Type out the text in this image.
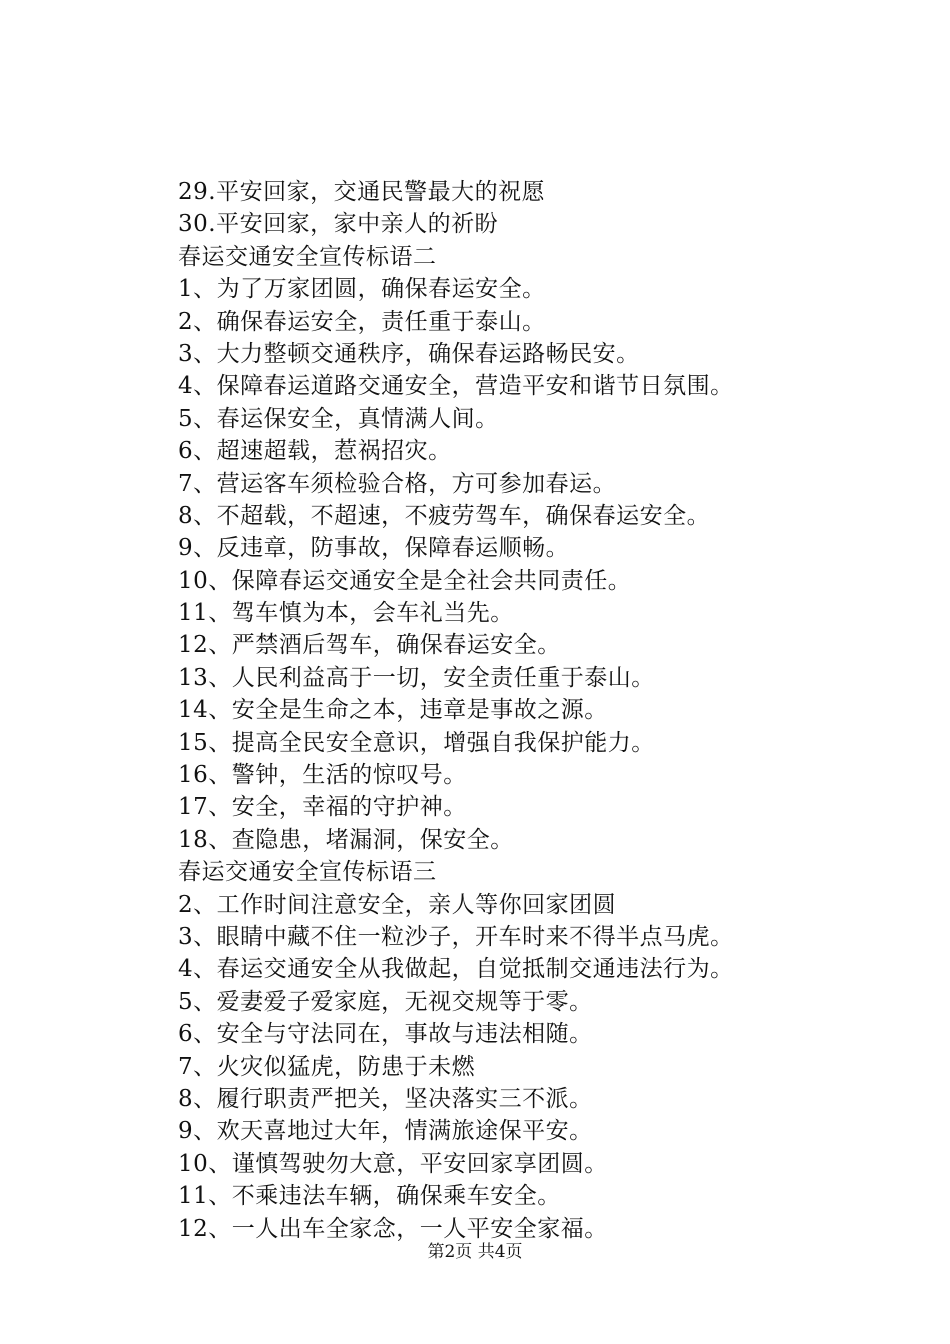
29.平安回家，交通民警最大的祝愿
30.平安回家，家中亲人的祈盼
春运交通安全宣传标语二
1、为了万家团圆，确保春运安全。
2、确保春运安全，责任重于泰山。
3、大力整顿交通秩序，确保春运路畅民安。
4、保障春运道路交通安全，营造平安和谐节日氛围。
5、春运保安全，真情满人间。
6、超速超载，惹祸招灾。
7、营运客车须检验合格，方可参加春运。
8、不超载，不超速，不疲劳驾车，确保春运安全。
9、反违章，防事故，保障春运顺畅。
10、保障春运交通安全是全社会共同责任。
11、驾车慎为本，会车礼当先。
12、严禁酒后驾车，确保春运安全。
13、人民利益高于一切，安全责任重于泰山。
14、安全是生命之本，违章是事故之源。
15、提高全民安全意识，增强自我保护能力。
16、警钟，生活的惊叹号。
17、安全，幸福的守护神。
18、查隐患，堵漏洞，保安全。
春运交通安全宣传标语三
2、工作时间注意安全，亲人等你回家团圆
3、眼睛中藏不住一粒沙子，开车时来不得半点马虎。
4、春运交通安全从我做起，自觉抵制交通违法行为。
5、爱妻爱子爱家庭，无视交规等于零。
6、安全与守法同在，事故与违法相随。
7、火灾似猛虎，防患于未燃
8、履行职责严把关，坚决落实三不派。
9、欢天喜地过大年，情满旅途保平安。
10、谨慎驾驶勿大意，平安回家享团圆。
11、不乘违法车辆，确保乘车安全。
12、一人出车全家念，一人平安全家福。
第2页 共4页
